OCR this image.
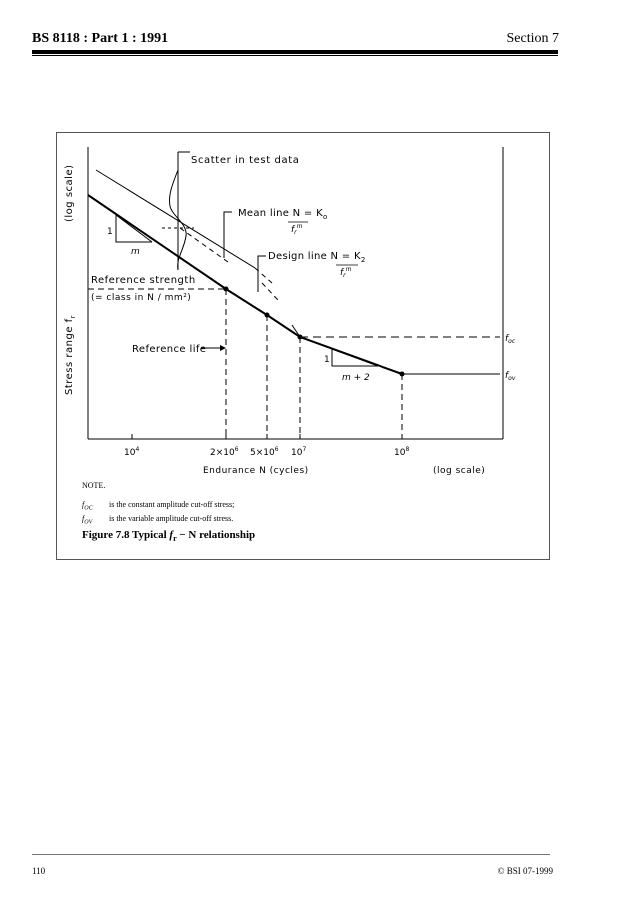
BS 8118 : Part 1 : 1991	Section 7
Stress range $f_r$
(log scale)
$10^4$	$2\times 10^6$ $5\times 10^6$ $10^7$	$10^8$
Endurance N (cycles)	(log scale)
Scatter in test data
Mean line $N = K_o$
$f_r^m$
Design line $N = K_2$
$f_r^m$
Reference strength
(= class in N / mm²)
Reference life
1
m
1
m + 2
$f_{oc}$
$f_{ov}$
NOTE.
$f_{OC}$ is the constant amplitude cut-off stress;
$f_{OV}$ is the variable amplitude cut-off stress.
Figure 7.8 Typical $f_r - N$ relationship
110	© BSI 07-1999
